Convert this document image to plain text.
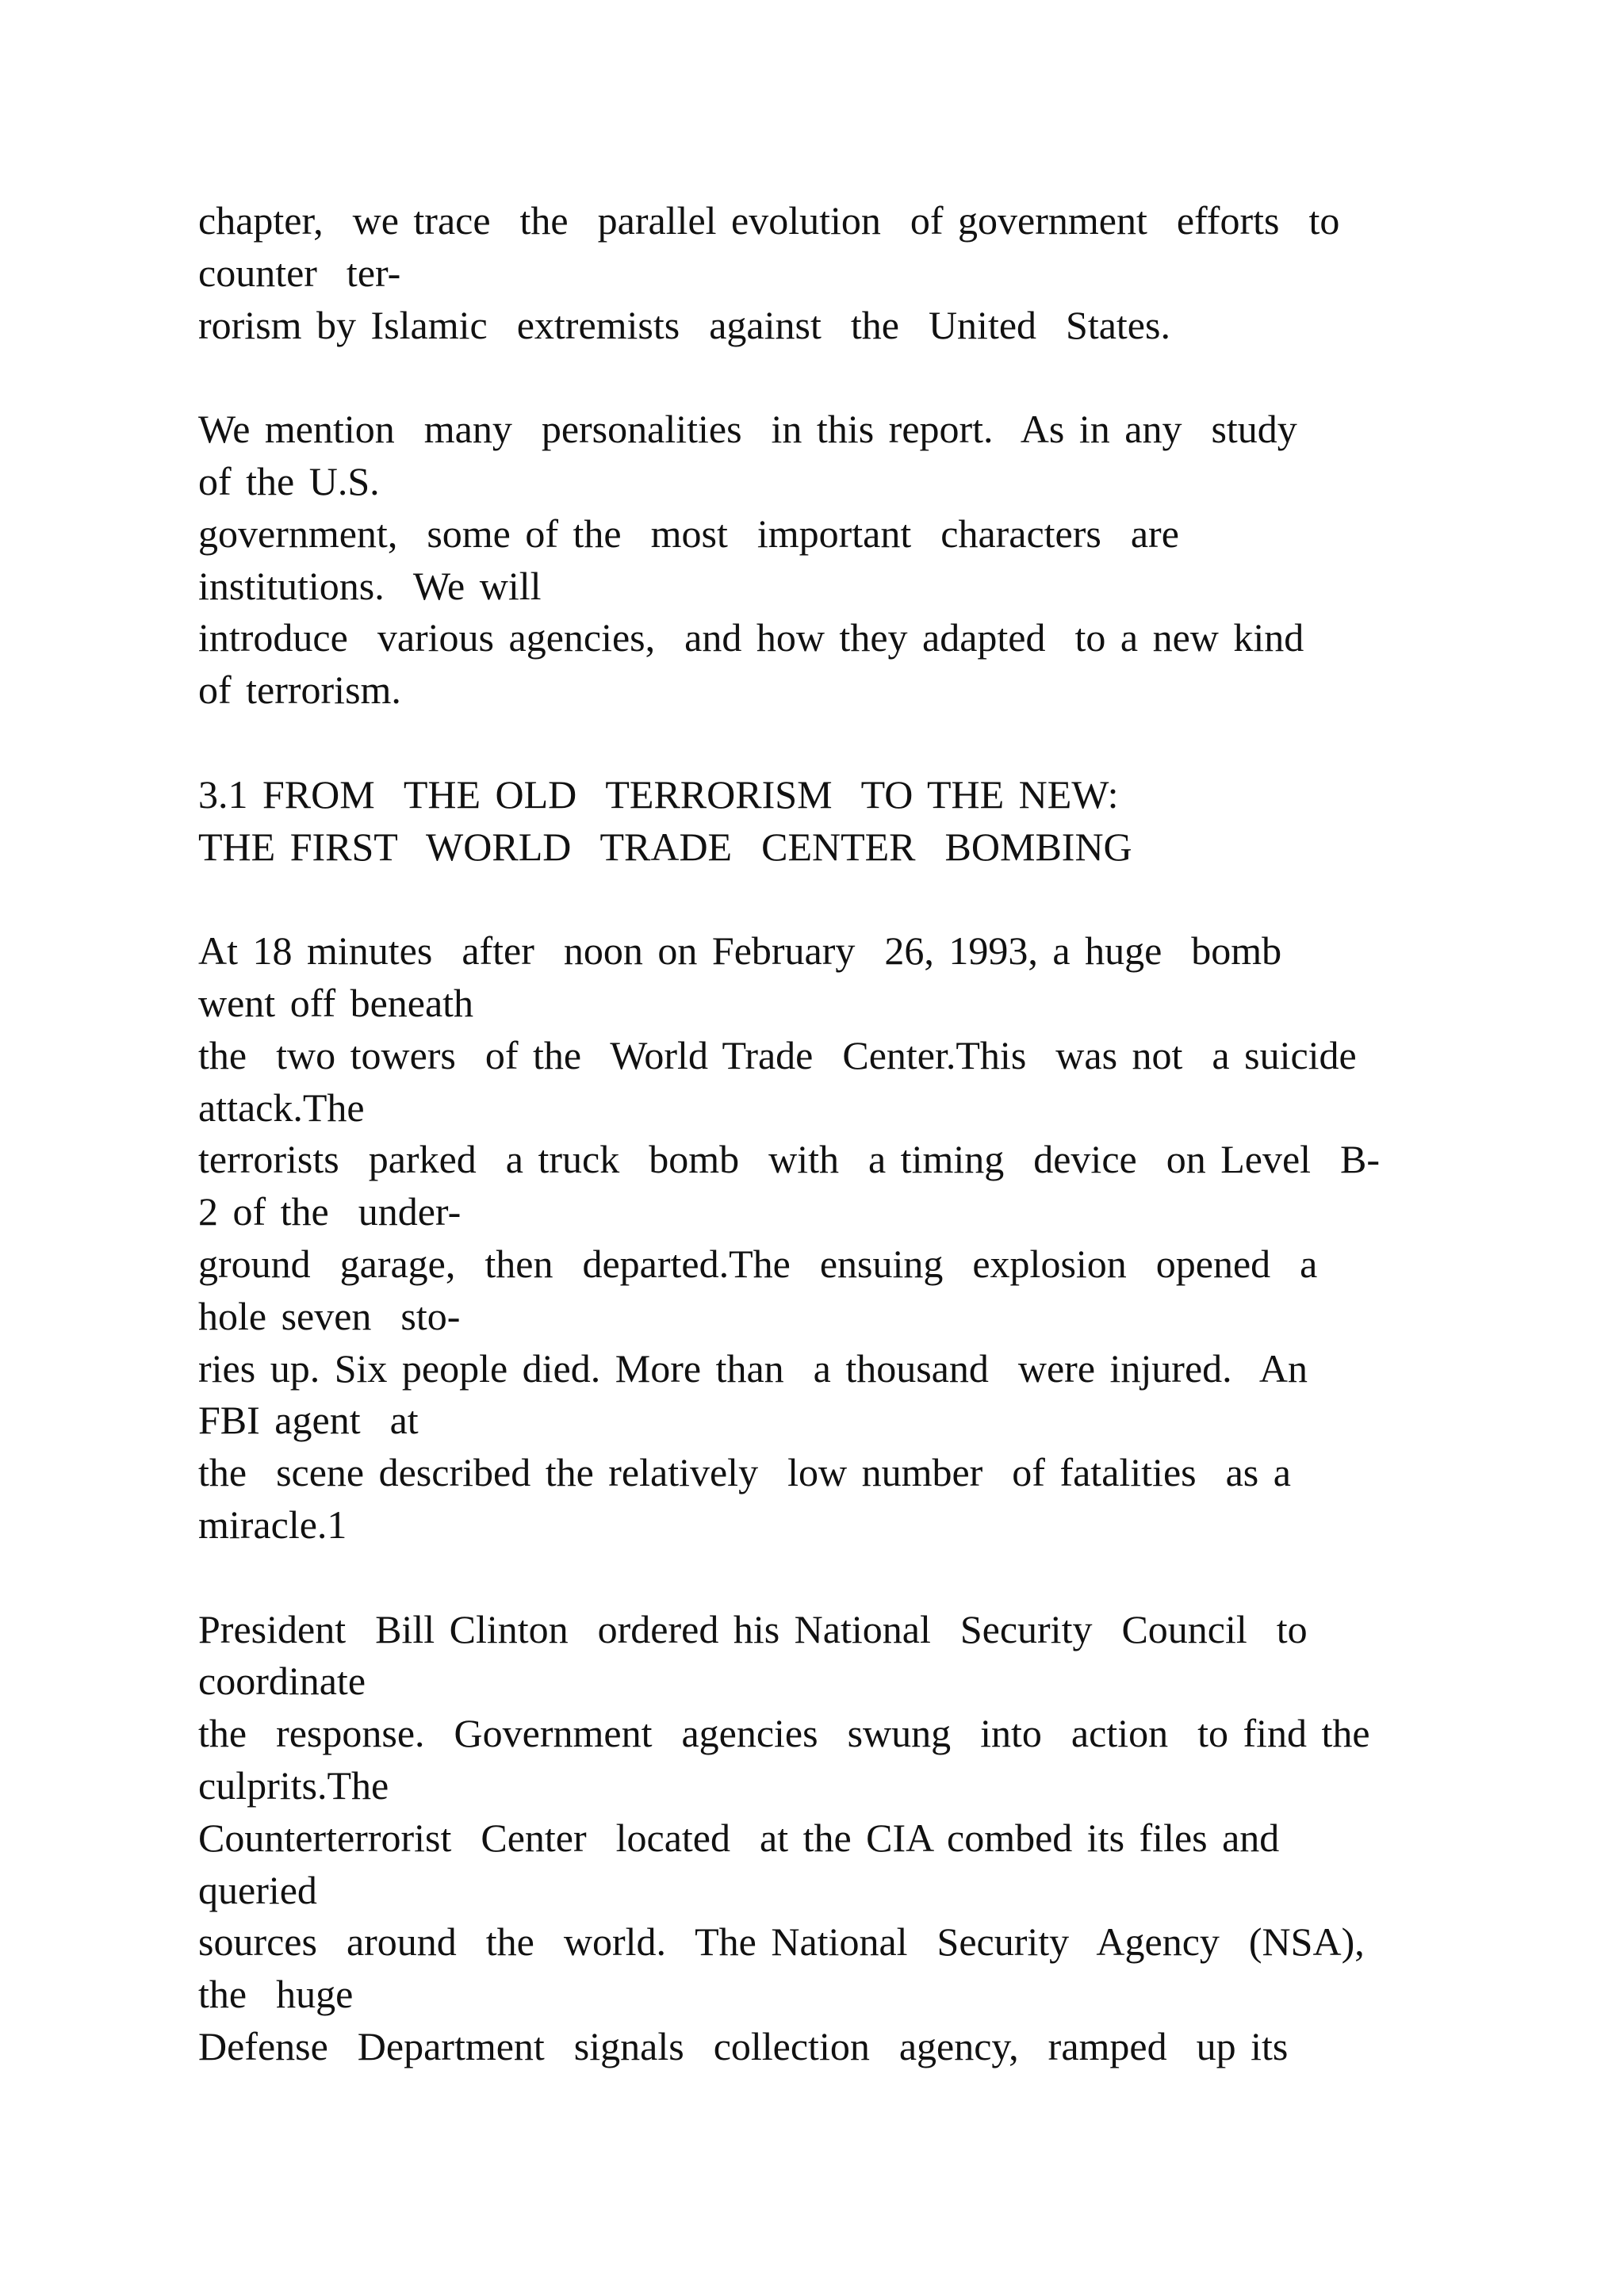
chapter,  we trace  the  parallel evolution  of government  efforts  to
counter  ter-
rorism by Islamic  extremists  against  the  United  States.
We mention  many  personalities  in this report.  As in any  study
of the U.S.
government,  some of the  most  important  characters  are
institutions.  We will
introduce  various agencies,  and how they adapted  to a new kind
of terrorism.
3.1 FROM  THE OLD  TERRORISM  TO THE NEW:
THE FIRST  WORLD  TRADE  CENTER  BOMBING
At 18 minutes  after  noon on February  26, 1993, a huge  bomb
went off beneath
the  two towers  of the  World Trade  Center.This  was not  a suicide
attack.The
terrorists  parked  a truck  bomb  with  a timing  device  on Level  B-
2 of the  under-
ground  garage,  then  departed.The  ensuing  explosion  opened  a
hole seven  sto-
ries up. Six people died. More than  a thousand  were injured.  An
FBI agent  at
the  scene described the relatively  low number  of fatalities  as a
miracle.1
President  Bill Clinton  ordered his National  Security  Council  to
coordinate
the  response.  Government  agencies  swung  into  action  to find the
culprits.The
Counterterrorist  Center  located  at the CIA combed its files and
queried
sources  around  the  world.  The National  Security  Agency  (NSA),
the  huge
Defense  Department  signals  collection  agency,  ramped  up its
